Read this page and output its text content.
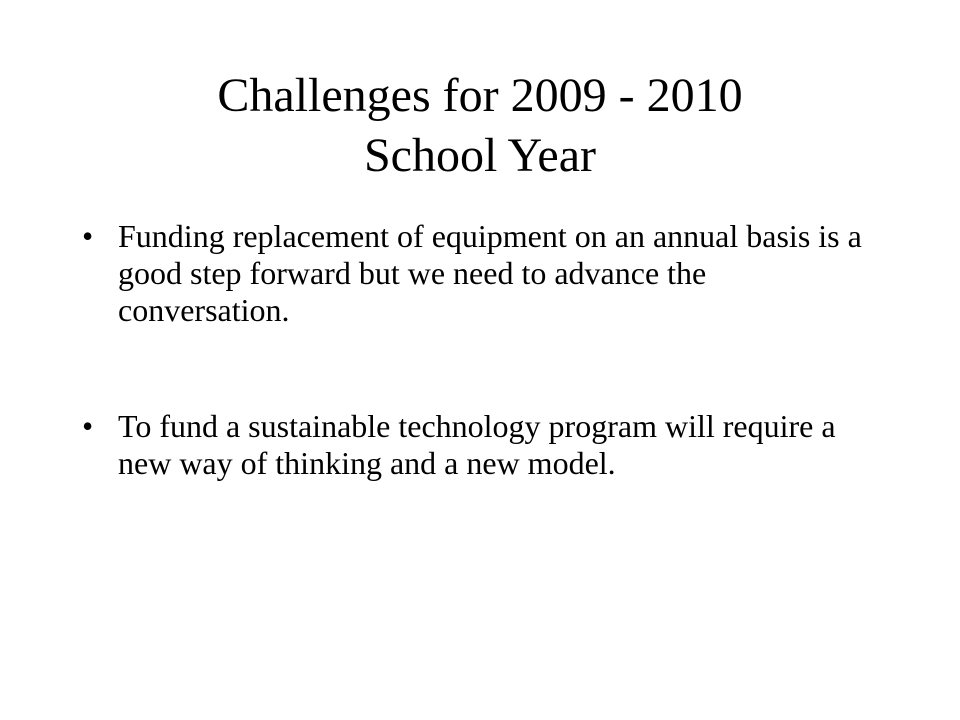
Challenges for 2009 - 2010
School Year
• Funding replacement of equipment on an annual basis is a good step forward but we need to advance the conversation.
• To fund a sustainable technology program will require a new way of thinking and a new model.
